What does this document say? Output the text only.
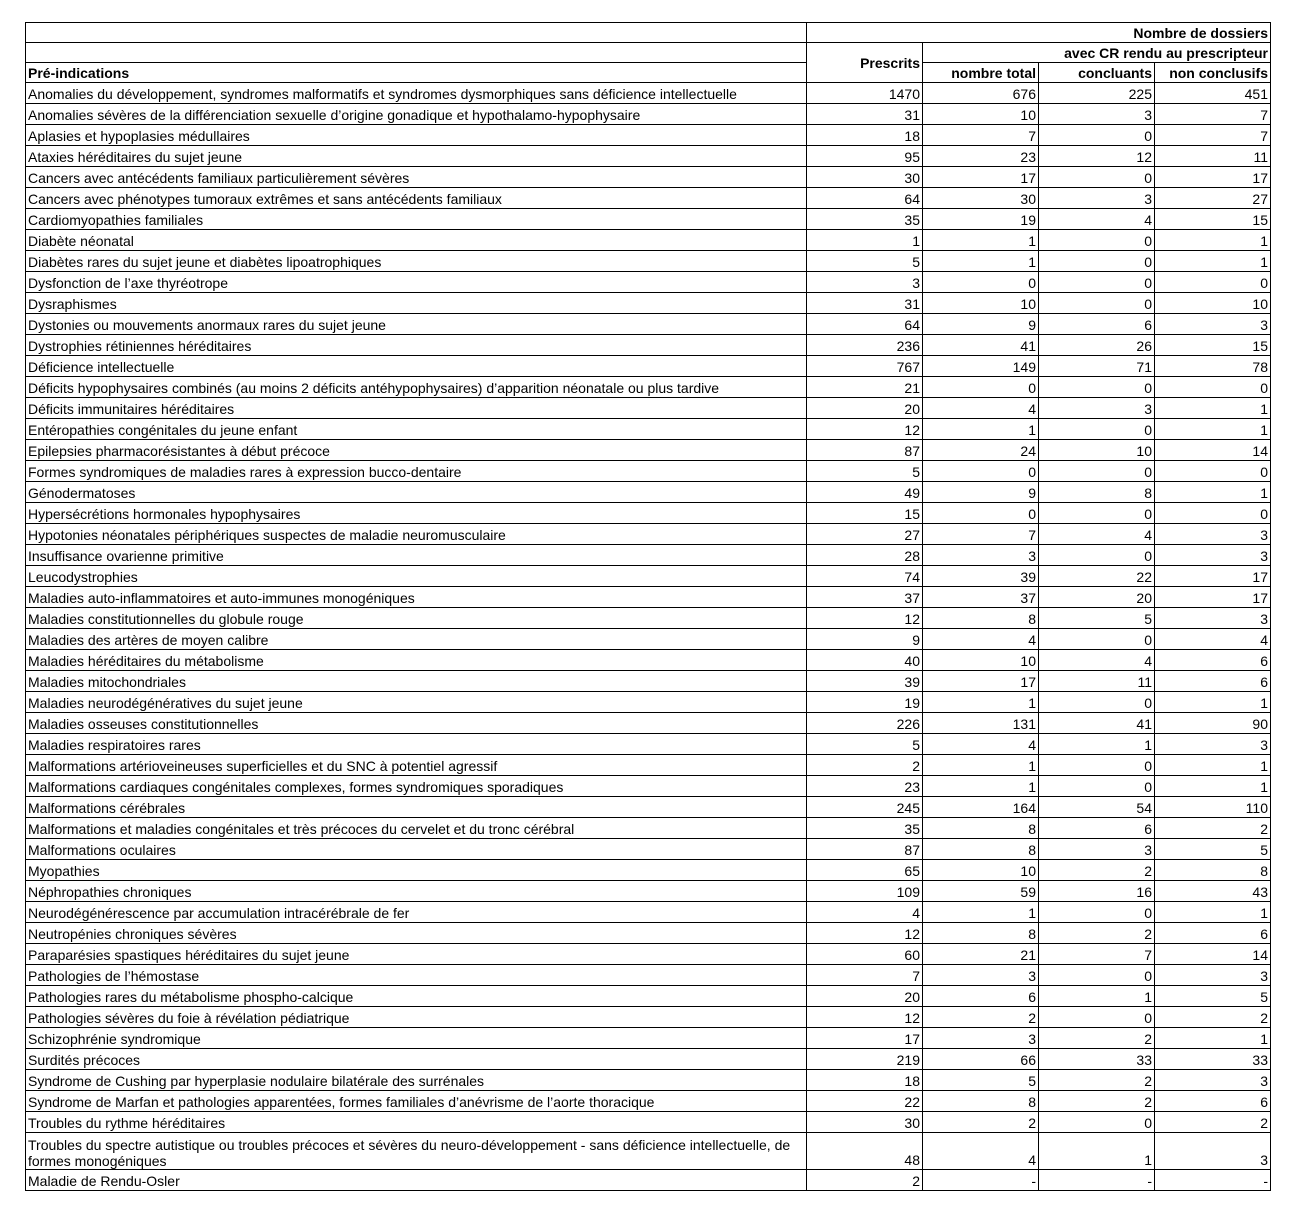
	Nombre de dossiers			
	Prescrits	avec CR rendu au prescripteur		
Pré-indications		nombre total	concluants	non conclusifs
Anomalies du développement, syndromes malformatifs et syndromes dysmorphiques sans déficience intellectuelle	1470	676	225	451
Anomalies sévères de la différenciation sexuelle d’origine gonadique et hypothalamo-hypophysaire	31	10	3	7
Aplasies et hypoplasies médullaires	18	7	0	7
Ataxies héréditaires du sujet jeune	95	23	12	11
Cancers avec antécédents familiaux particulièrement sévères	30	17	0	17
Cancers avec phénotypes tumoraux extrêmes et sans antécédents familiaux	64	30	3	27
Cardiomyopathies familiales	35	19	4	15
Diabète néonatal	1	1	0	1
Diabètes rares du sujet jeune et diabètes lipoatrophiques	5	1	0	1
Dysfonction de l’axe thyréotrope	3	0	0	0
Dysraphismes	31	10	0	10
Dystonies ou mouvements anormaux rares du sujet jeune	64	9	6	3
Dystrophies rétiniennes héréditaires	236	41	26	15
Déficience intellectuelle	767	149	71	78
Déficits hypophysaires combinés (au moins 2 déficits antéhypophysaires) d’apparition néonatale ou plus tardive	21	0	0	0
Déficits immunitaires héréditaires	20	4	3	1
Entéropathies congénitales du jeune enfant	12	1	0	1
Epilepsies pharmacorésistantes à début précoce	87	24	10	14
Formes syndromiques de maladies rares à expression bucco-dentaire	5	0	0	0
Génodermatoses	49	9	8	1
Hypersécrétions hormonales hypophysaires	15	0	0	0
Hypotonies néonatales périphériques suspectes de maladie neuromusculaire	27	7	4	3
Insuffisance ovarienne primitive	28	3	0	3
Leucodystrophies	74	39	22	17
Maladies auto-inflammatoires et auto-immunes monogéniques	37	37	20	17
Maladies constitutionnelles du globule rouge	12	8	5	3
Maladies des artères de moyen calibre	9	4	0	4
Maladies héréditaires du métabolisme	40	10	4	6
Maladies mitochondriales	39	17	11	6
Maladies neurodégénératives du sujet jeune	19	1	0	1
Maladies osseuses constitutionnelles	226	131	41	90
Maladies respiratoires rares	5	4	1	3
Malformations artérioveineuses superficielles et du SNC à potentiel agressif	2	1	0	1
Malformations cardiaques congénitales complexes, formes syndromiques sporadiques	23	1	0	1
Malformations cérébrales	245	164	54	110
Malformations et maladies congénitales et très précoces du cervelet et du tronc cérébral	35	8	6	2
Malformations oculaires	87	8	3	5
Myopathies	65	10	2	8
Néphropathies chroniques	109	59	16	43
Neurodégénérescence par accumulation intracérébrale de fer	4	1	0	1
Neutropénies chroniques sévères	12	8	2	6
Paraparésies spastiques héréditaires du sujet jeune	60	21	7	14
Pathologies de l’hémostase	7	3	0	3
Pathologies rares du métabolisme phospho-calcique	20	6	1	5
Pathologies sévères du foie à révélation pédiatrique	12	2	0	2
Schizophrénie syndromique	17	3	2	1
Surdités précoces	219	66	33	33
Syndrome de Cushing par hyperplasie nodulaire bilatérale des surrénales	18	5	2	3
Syndrome de Marfan et pathologies apparentées, formes familiales d’anévrisme de l’aorte thoracique	22	8	2	6
Troubles du rythme héréditaires	30	2	0	2
Troubles du spectre autistique ou troubles précoces et sévères du neuro-développement - sans déficience intellectuelle, de formes monogéniques	48	4	1	3
Maladie de Rendu-Osler	2	-	-	-
